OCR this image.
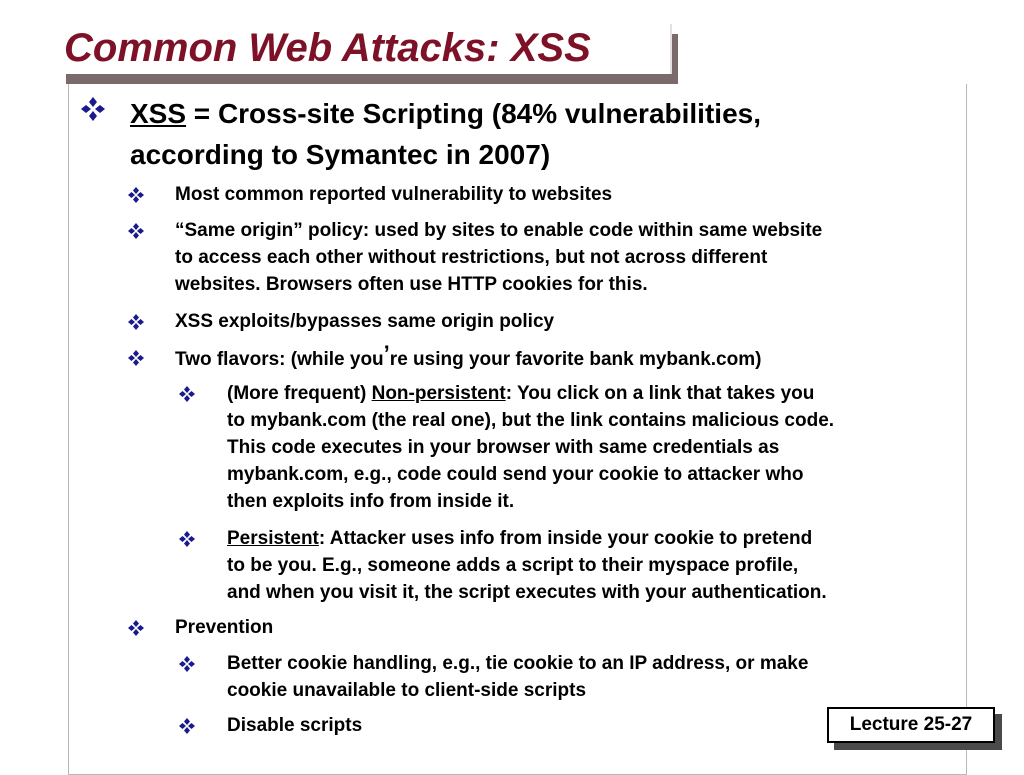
Common Web Attacks: XSS
XSS = Cross-site Scripting (84% vulnerabilities,
according to Symantec in 2007)
Most common reported vulnerability to websites
“Same origin” policy: used by sites to enable code within same website
to access each other without restrictions, but not across different
websites. Browsers often use HTTP cookies for this.
XSS exploits/bypasses same origin policy
Two flavors: (while you’re using your favorite bank mybank.com)
(More frequent) Non-persistent: You click on a link that takes you
to mybank.com (the real one), but the link contains malicious code.
This code executes in your browser with same credentials as
mybank.com, e.g., code could send your cookie to attacker who
then exploits info from inside it.
Persistent: Attacker uses info from inside your cookie to pretend
to be you. E.g., someone adds a script to their myspace profile,
and when you visit it, the script executes with your authentication.
Prevention
Better cookie handling, e.g., tie cookie to an IP address, or make
cookie unavailable to client-side scripts
Disable scripts	Lecture 25-27
